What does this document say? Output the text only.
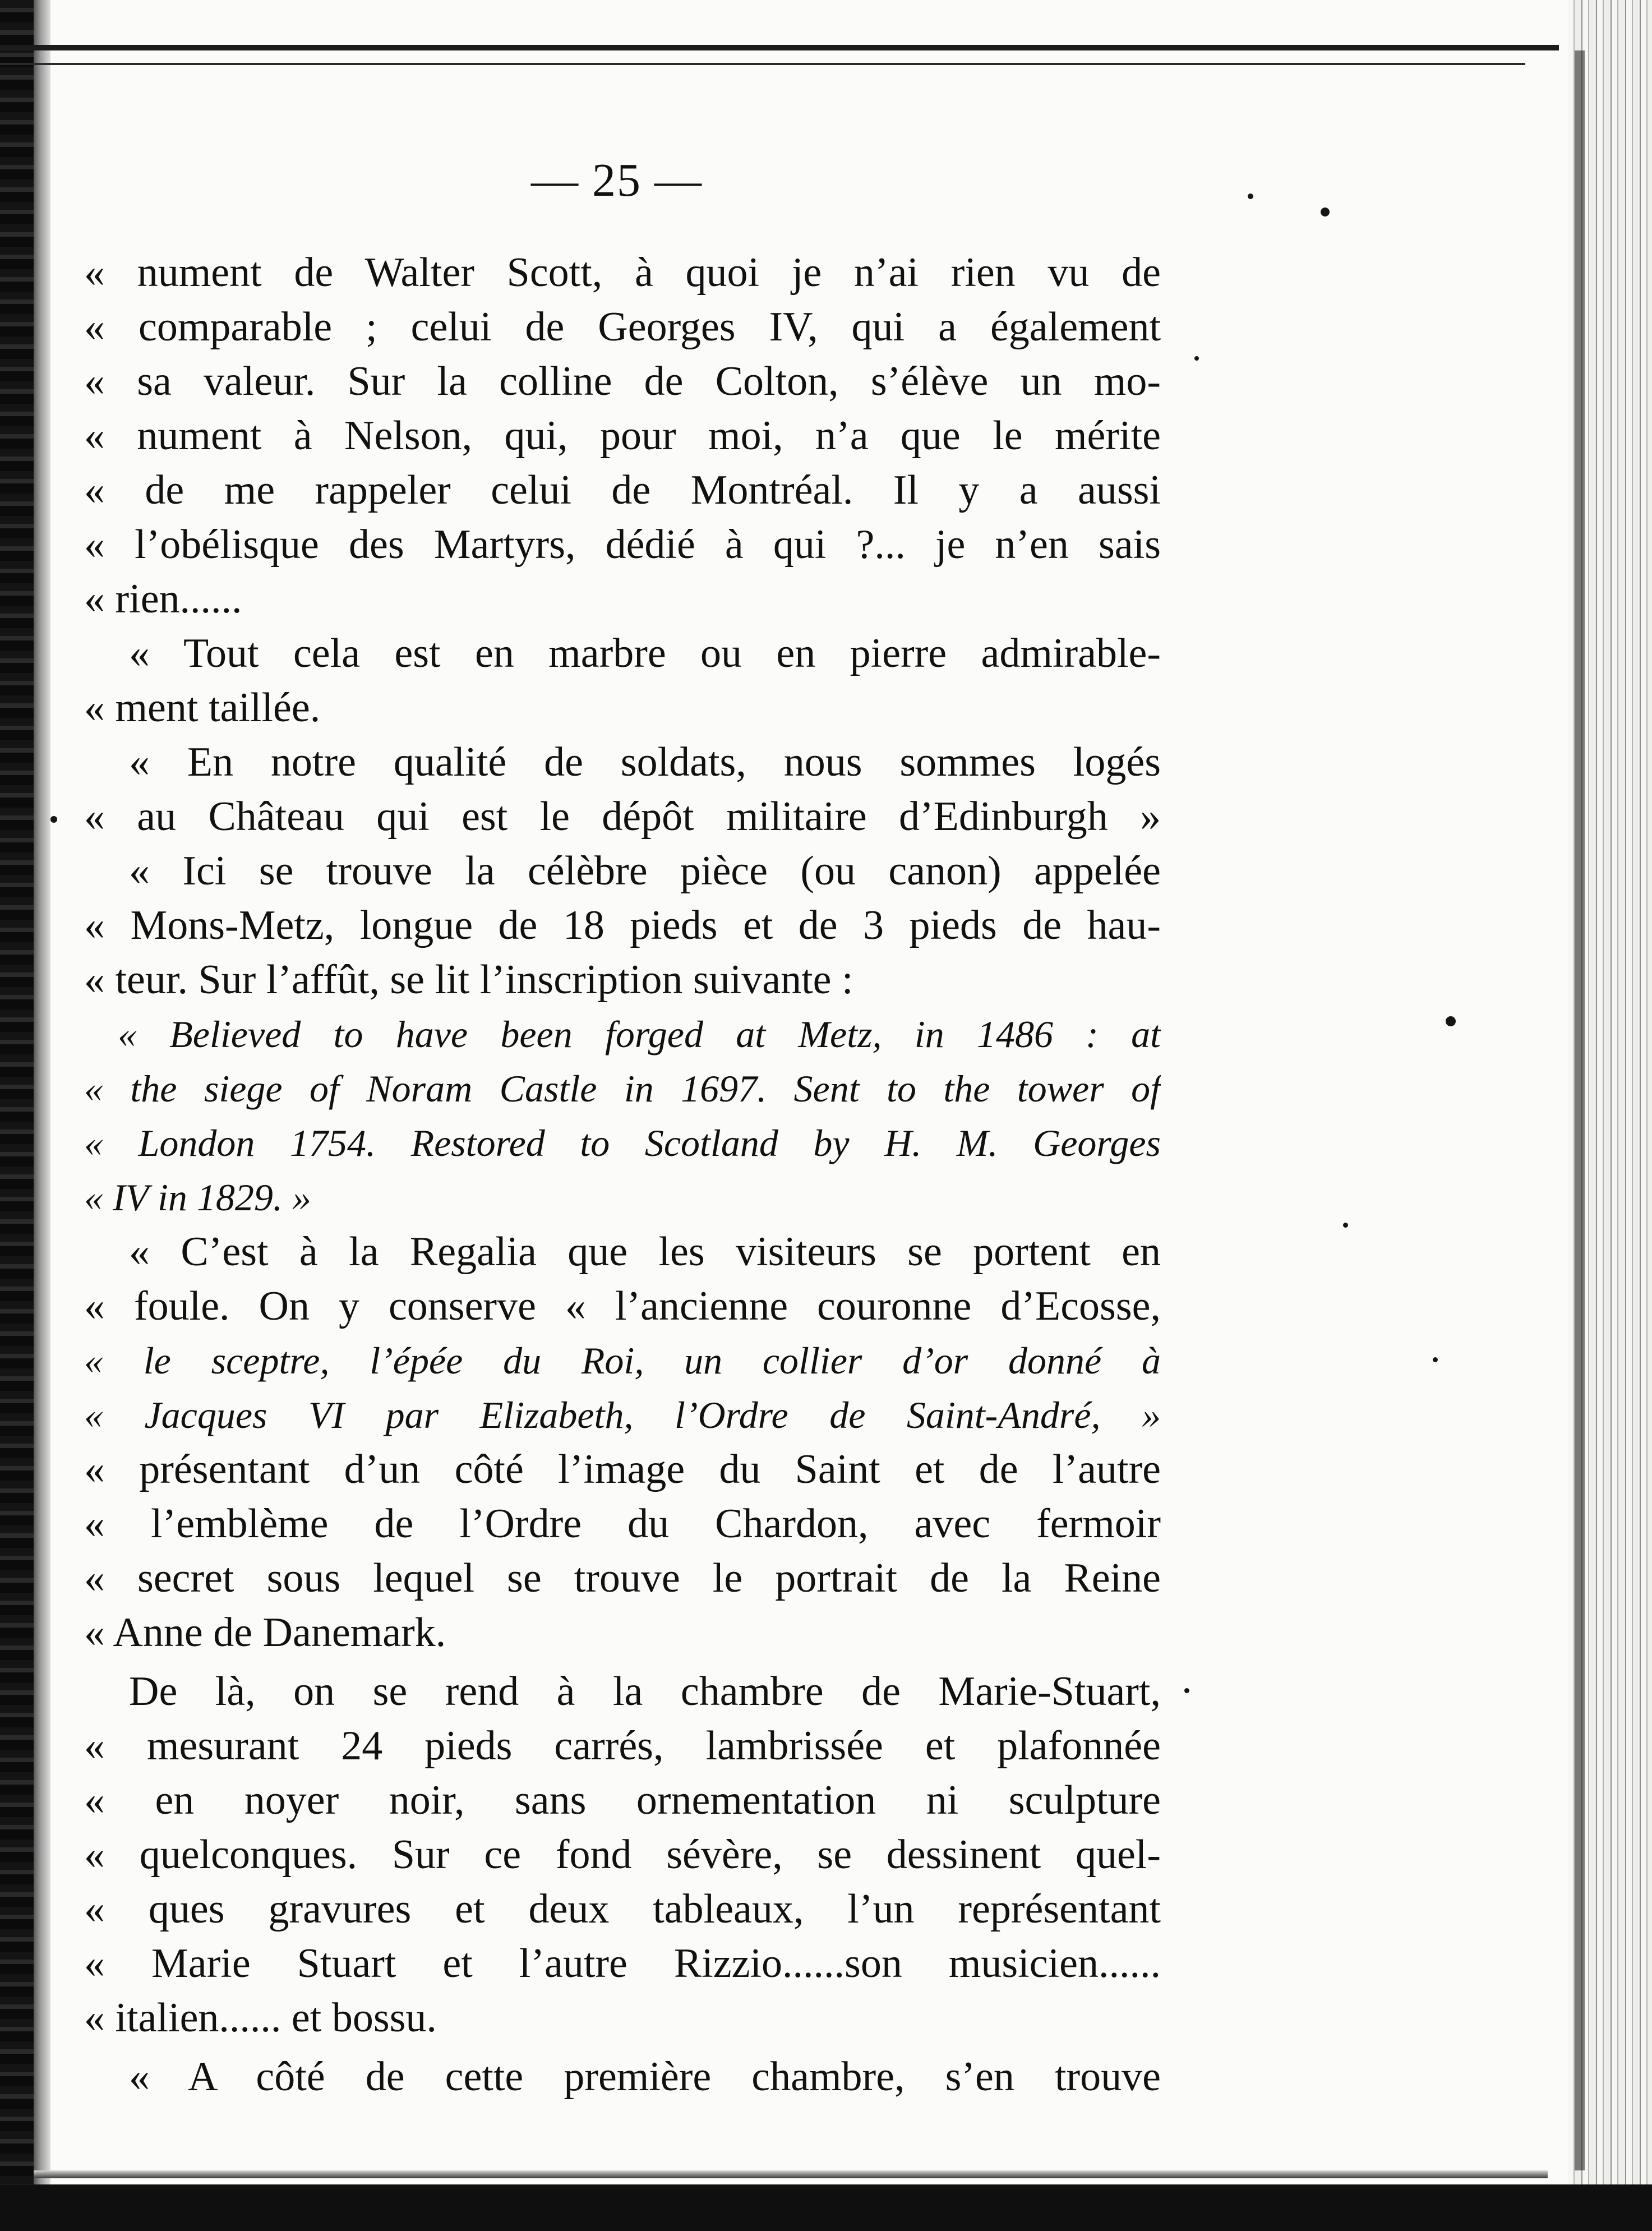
— 25 —
« nument de Walter Scott, à quoi je n’ai rien vu de
« comparable ; celui de Georges IV, qui a également
« sa valeur. Sur la colline de Colton, s’élève un mo-
« nument à Nelson, qui, pour moi, n’a que le mérite
« de me rappeler celui de Montréal. Il y a aussi
« l’obélisque des Martyrs, dédié à qui ?... je n’en sais
« rien......
« Tout cela est en marbre ou en pierre admirable-
« ment taillée.
« En notre qualité de soldats, nous sommes logés
« au Château qui est le dépôt militaire d’Edinburgh »
« Ici se trouve la célèbre pièce (ou canon) appelée
« Mons-Metz, longue de 18 pieds et de 3 pieds de hau-
« teur. Sur l’affût, se lit l’inscription suivante :
« Believed to have been forged at Metz, in 1486 : at
« the siege of Noram Castle in 1697. Sent to the tower of
« London 1754. Restored to Scotland by H. M. Georges
« IV in 1829. »
« C’est à la Regalia que les visiteurs se portent en
« foule. On y conserve « l’ancienne couronne d’Ecosse,
« le sceptre, l’épée du Roi, un collier d’or donné à
« Jacques VI par Elizabeth, l’Ordre de Saint-André, »
« présentant d’un côté l’image du Saint et de l’autre
« l’emblème de l’Ordre du Chardon, avec fermoir
« secret sous lequel se trouve le portrait de la Reine
« Anne de Danemark.
De là, on se rend à la chambre de Marie-Stuart,
« mesurant 24 pieds carrés, lambrissée et plafonnée
« en noyer noir, sans ornementation ni sculpture
« quelconques. Sur ce fond sévère, se dessinent quel-
« ques gravures et deux tableaux, l’un représentant
« Marie Stuart et l’autre Rizzio......son musicien......
« italien...... et bossu.
« A côté de cette première chambre, s’en trouve
